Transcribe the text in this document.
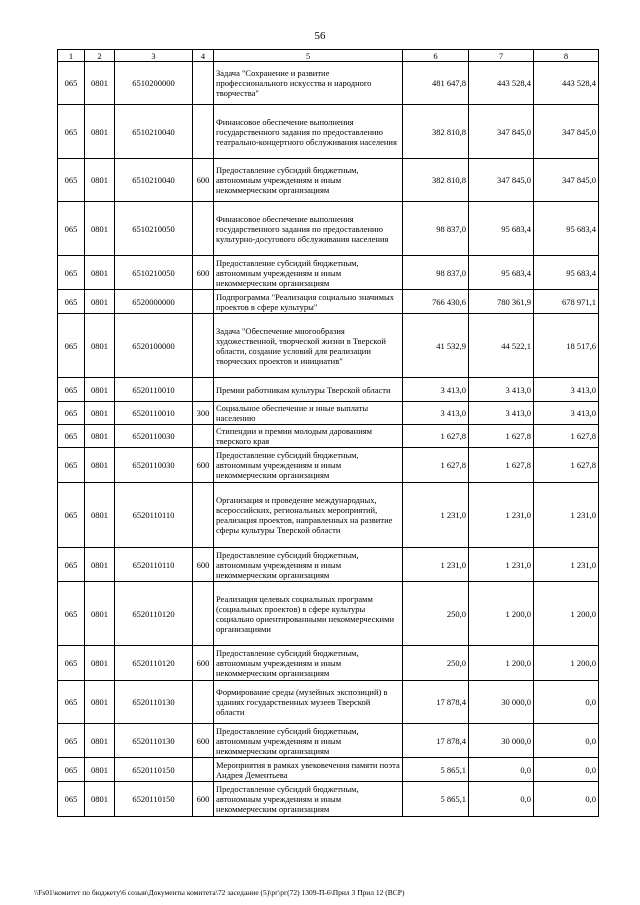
56
1	2	3	4	5	6	7	8
065	0801	6510200000		Задача "Сохранение и развитие профессионального искусства и народного творчества"	481 647,8	443 528,4	443 528,4
065	0801	6510210040		Финансовое обеспечение выполнения государственного задания по предоставлению театрально-концертного обслуживания населения	382 810,8	347 845,0	347 845,0
065	0801	6510210040	600	Предоставление субсидий бюджетным, автономным учреждениям и иным некоммерческим организациям	382 810,8	347 845,0	347 845,0
065	0801	6510210050		Финансовое обеспечение выполнения государственного задания по предоставлению культурно-досугового обслуживания населения	98 837,0	95 683,4	95 683,4
065	0801	6510210050	600	Предоставление субсидий бюджетным, автономным учреждениям и иным некоммерческим организациям	98 837,0	95 683,4	95 683,4
065	0801	6520000000		Подпрограмма "Реализация социально значимых проектов в сфере культуры"	766 430,6	780 361,9	678 971,1
065	0801	6520100000		Задача "Обеспечение многообразия художественной, творческой жизни в Тверской области, создание условий для реализации творческих проектов и инициатив"	41 532,9	44 522,1	18 517,6
065	0801	6520110010		Премии работникам культуры Тверской области	3 413,0	3 413,0	3 413,0
065	0801	6520110010	300	Социальное обеспечение и иные выплаты населению	3 413,0	3 413,0	3 413,0
065	0801	6520110030		Стипендии и премии молодым дарованиям тверского края	1 627,8	1 627,8	1 627,8
065	0801	6520110030	600	Предоставление субсидий бюджетным, автономным учреждениям и иным некоммерческим организациям	1 627,8	1 627,8	1 627,8
065	0801	6520110110		Организация и проведение международных, всероссийских, региональных мероприятий, реализация проектов, направленных на развитие сферы культуры Тверской области	1 231,0	1 231,0	1 231,0
065	0801	6520110110	600	Предоставление субсидий бюджетным, автономным учреждениям и иным некоммерческим организациям	1 231,0	1 231,0	1 231,0
065	0801	6520110120		Реализация целевых социальных программ (социальных проектов) в сфере культуры социально ориентированными некоммерческими организациями	250,0	1 200,0	1 200,0
065	0801	6520110120	600	Предоставление субсидий бюджетным, автономным учреждениям и иным некоммерческим организациям	250,0	1 200,0	1 200,0
065	0801	6520110130		Формирование среды (музейных экспозиций) в зданиях государственных музеев Тверской области	17 878,4	30 000,0	0,0
065	0801	6520110130	600	Предоставление субсидий бюджетным, автономным учреждениям и иным некоммерческим организациям	17 878,4	30 000,0	0,0
065	0801	6520110150		Мероприятия в рамках увековечения памяти поэта Андрея Дементьева	5 865,1	0,0	0,0
065	0801	6520110150	600	Предоставление субсидий бюджетным, автономным учреждениям и иным некоммерческим организациям	5 865,1	0,0	0,0
\\Fs01\комитет по бюджету\6 созыв\Документы комитета\72 заседание (5)\рг\рг(72) 1309-П-6\Прил 3 Прил 12 (ВСР)
